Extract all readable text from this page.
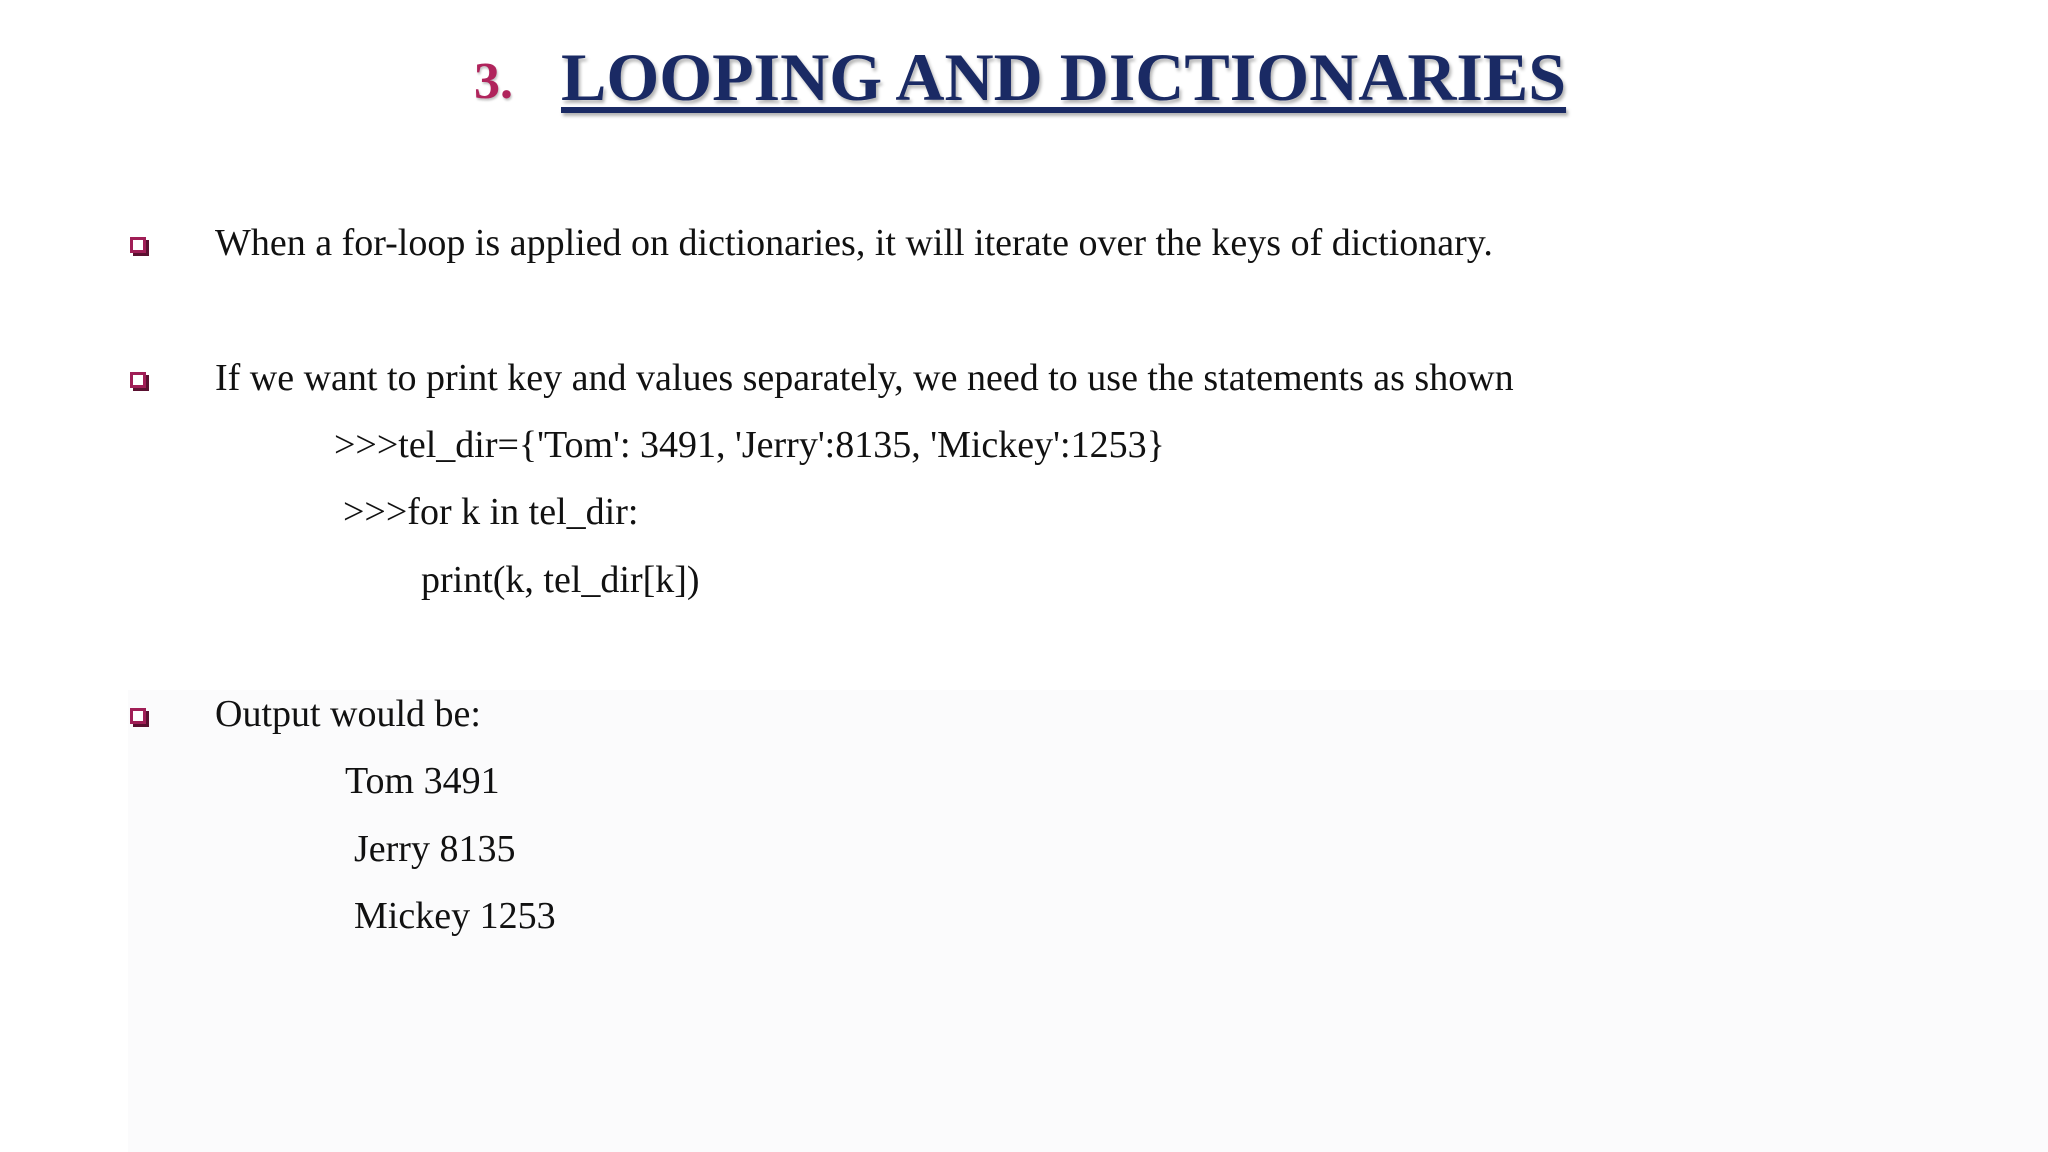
3. LOOPING AND DICTIONARIES
When a for-loop is applied on dictionaries, it will iterate over the keys of dictionary.
If we want to print key and values separately, we need to use the statements as shown
>>>tel_dir={'Tom': 3491, 'Jerry':8135, 'Mickey':1253}
>>>for k in tel_dir:
print(k, tel_dir[k])
Output would be:
Tom 3491
Jerry 8135
Mickey 1253
